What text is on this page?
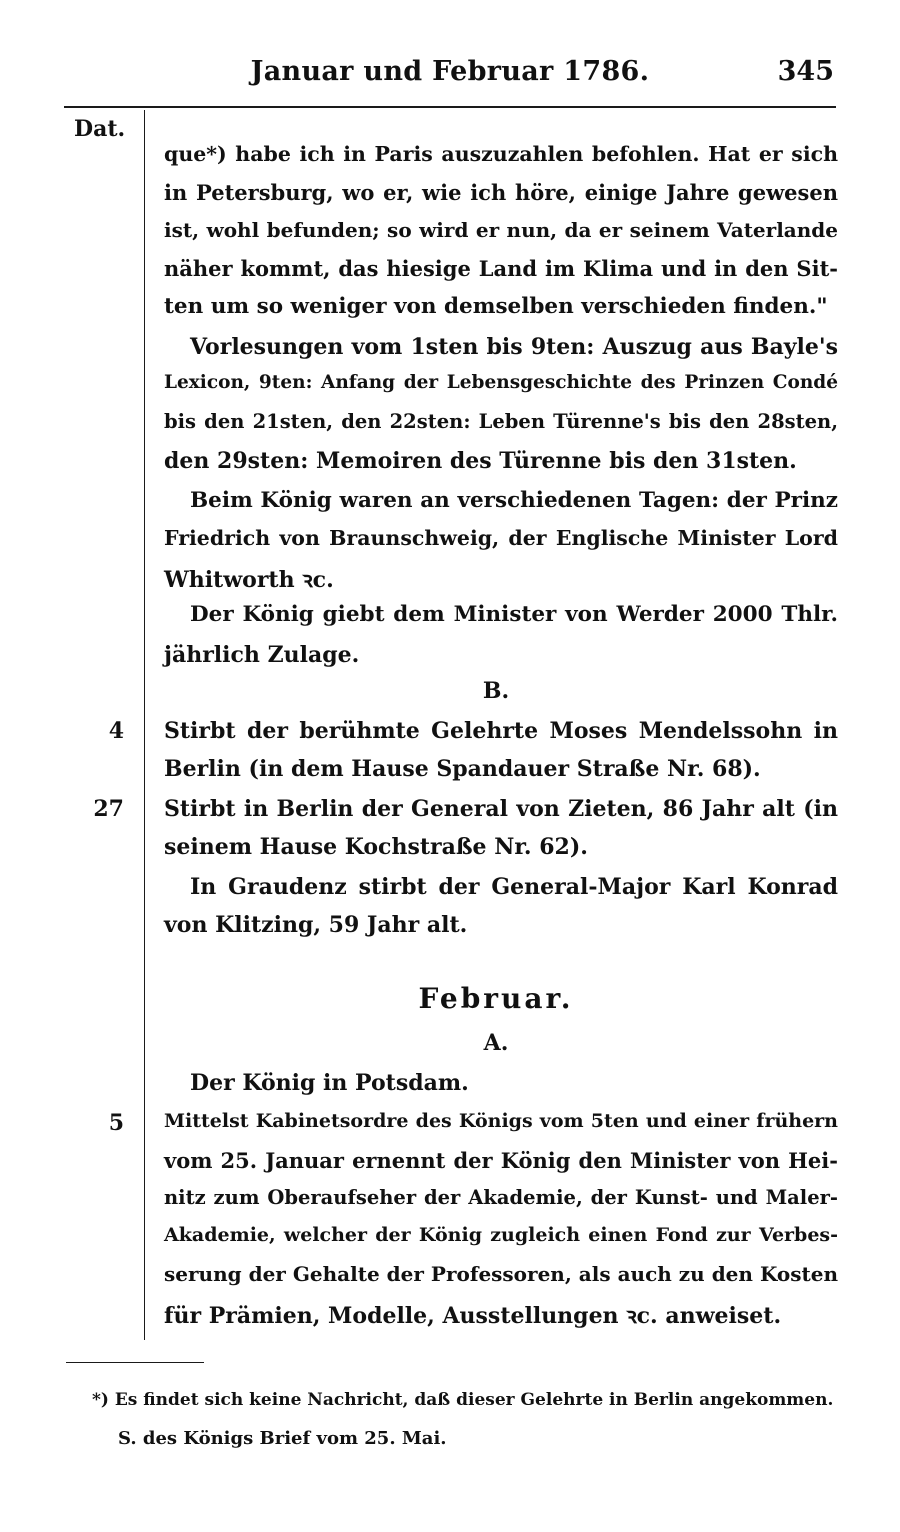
Januar und Februar 1786.	345
Dat.
que*) habe ich in Paris auszuzahlen befohlen. Hat er sich
in Petersburg, wo er, wie ich höre, einige Jahre gewesen
ist, wohl befunden; so wird er nun, da er seinem Vaterlande
näher kommt, das hiesige Land im Klima und in den Sit-
ten um so weniger von demselben verschieden finden."
Vorlesungen vom 1sten bis 9ten: Auszug aus Bayle's
Lexicon, 9ten: Anfang der Lebensgeschichte des Prinzen Condé
bis den 21sten, den 22sten: Leben Türenne's bis den 28sten,
den 29sten: Memoiren des Türenne bis den 31sten.
Beim König waren an verschiedenen Tagen: der Prinz
Friedrich von Braunschweig, der Englische Minister Lord
Whitworth ꝛc.
Der König giebt dem Minister von Werder 2000 Thlr.
jährlich Zulage.
B.
4 Stirbt der berühmte Gelehrte Moses Mendelssohn in
Berlin (in dem Hause Spandauer Straße Nr. 68).
27 Stirbt in Berlin der General von Zieten, 86 Jahr alt (in
seinem Hause Kochstraße Nr. 62).
In Graudenz stirbt der General-Major Karl Konrad
von Klitzing, 59 Jahr alt.
Februar.
A.
Der König in Potsdam.
5 Mittelst Kabinetsordre des Königs vom 5ten und einer frühern
vom 25. Januar ernennt der König den Minister von Hei-
nitz zum Oberaufseher der Akademie, der Kunst- und Maler-
Akademie, welcher der König zugleich einen Fond zur Verbes-
serung der Gehalte der Professoren, als auch zu den Kosten
für Prämien, Modelle, Ausstellungen ꝛc. anweiset.
*) Es findet sich keine Nachricht, daß dieser Gelehrte in Berlin angekommen.
S. des Königs Brief vom 25. Mai.
